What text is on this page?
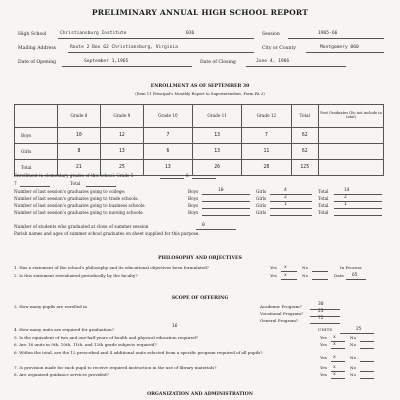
PRELIMINARY ANNUAL HIGH SCHOOL REPORT
High School	Christiansburg Institute	036	Session	1965-66
Mailing Address	Route 2 Box 62 Christiansburg, Virginia	City or County	Montgomery 060
Date of Opening	September 1,1965	Date of Closing	June 4, 1966
ENROLLMENT AS OF SEPTEMBER 30
(Item 11 Principal's Monthly Report to Superintendent, Form PA 2)
	Grade 8	Grade 9	Grade 10	Grade 11	Grade 12	Total	Post Graduates (Do not include in total)
Boys	10	12	7	13	7	62	
Girls	8	13	6	13	11	62	
Total	21	25	13	26	28	125	
Enrollment in elementary grades of this school: Grade 5	6
7	Total
Number of last session's graduates going to college:	Boys	10	Girls	4	Total	14
Number of last session's graduates going to trade schools:	Boys	Girls	2	Total	2
Number of last session's graduates going to business schools:	Boys	Girls	1	Total	1
Number of last session's graduates going to nursing schools:	Boys	Girls	Total
Number of students who graduated at close of summer session	0
Parish names and ages of summer school graduates on sheet supplied for this purpose.
PHILOSOPHY AND OBJECTIVES
1. Has a statement of the school's philosophy and its educational objectives been formulated?	Yes x	No	In Process
2. Is this statement reevaluated periodically by the faculty?	Yes x	No	Date 65
SCOPE OF OFFERING
3. How many pupils are enrolled in	Academic Program?	30
Vocational Program?	23
General Program?	72
4. How many units are required for graduation?
16
UNITS	25
5. Is the equivalent of two and one-half years of health and physical education required?	Yes x	No
6. Are 16 units in 9th, 10th, 11th, and 12th grade subjects required?	Yes x	No
6. Within the total, are the 12 prescribed and 4 additional units selected from a specific program required of all pupils?
Yes x	No
7. Is provision made for each pupil to receive required instruction in the use of library materials?	Yes x	No
8. Are organized guidance services provided?	Yes x	No
ORGANIZATION AND ADMINISTRATION
